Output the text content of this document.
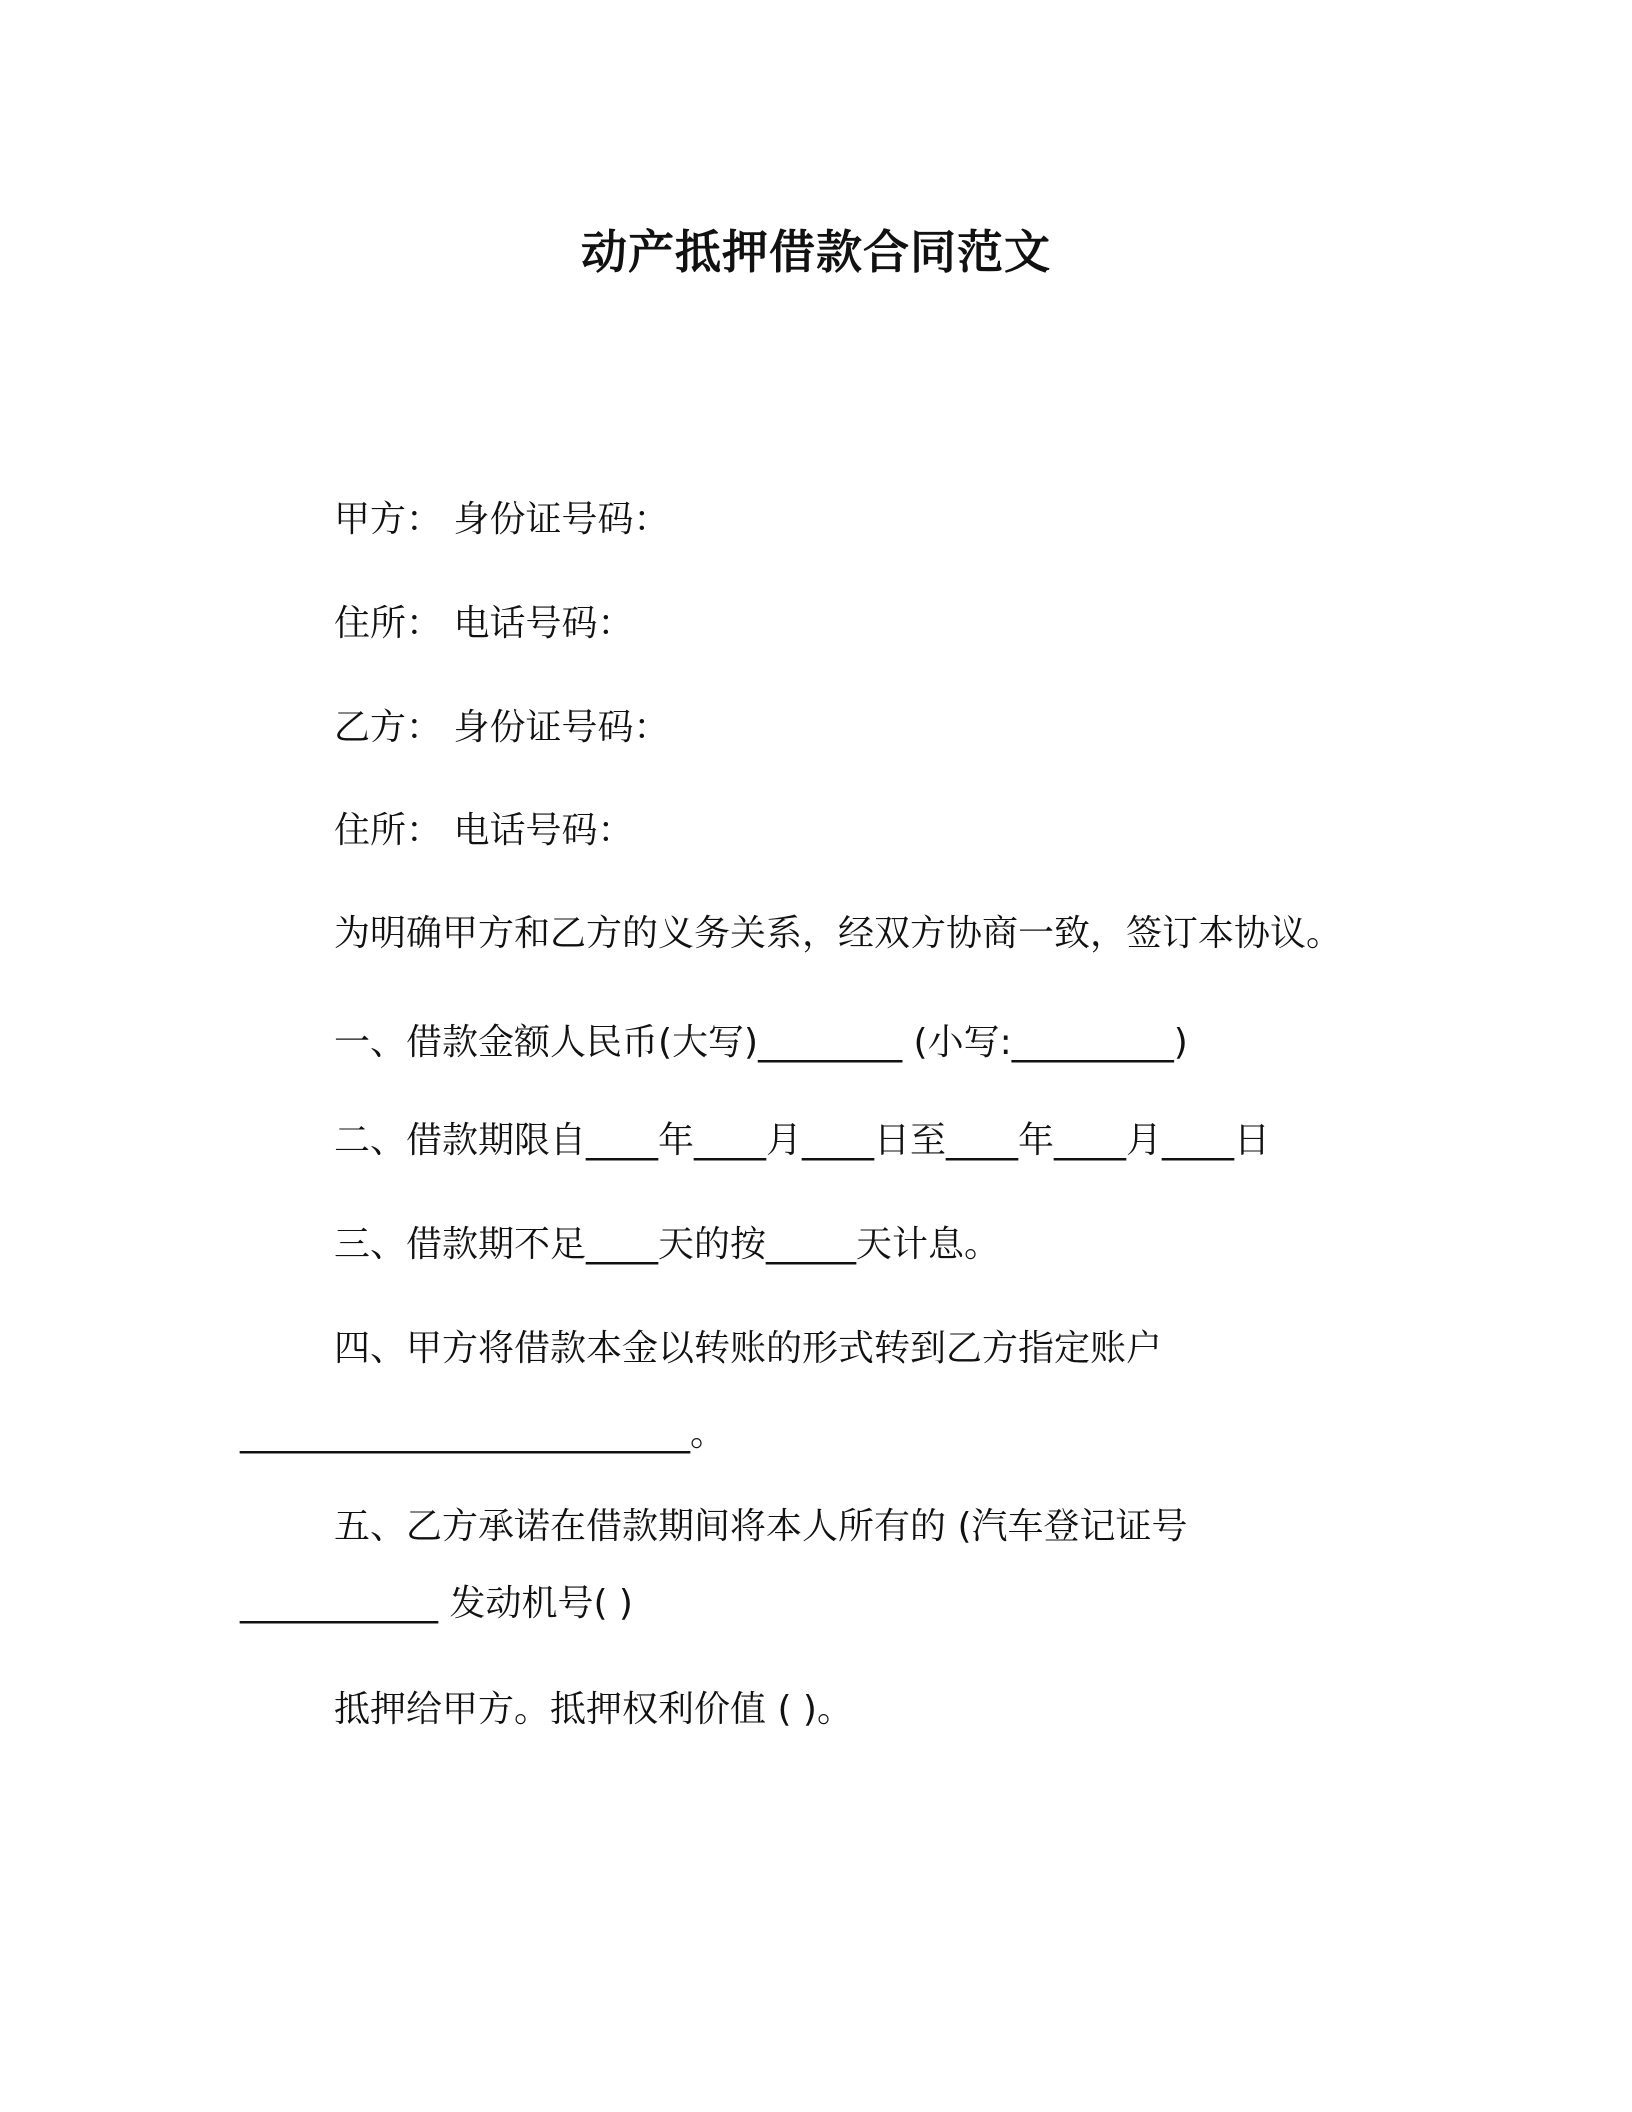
动产抵押借款合同范文
甲方： 身份证号码：
住所： 电话号码：
乙方： 身份证号码：
住所： 电话号码：
为明确甲方和乙方的义务关系，经双方协商一致，签订本协议。
一、借款金额人民币(大写)________ (小写:_________)
二、借款期限自____年____月____日至____年____月____日
三、借款期不足____天的按_____天计息。
四、甲方将借款本金以转账的形式转到乙方指定账户
_________________________。
五、乙方承诺在借款期间将本人所有的 (汽车登记证号
___________ 发动机号( )
抵押给甲方。抵押权利价值 ( )。
